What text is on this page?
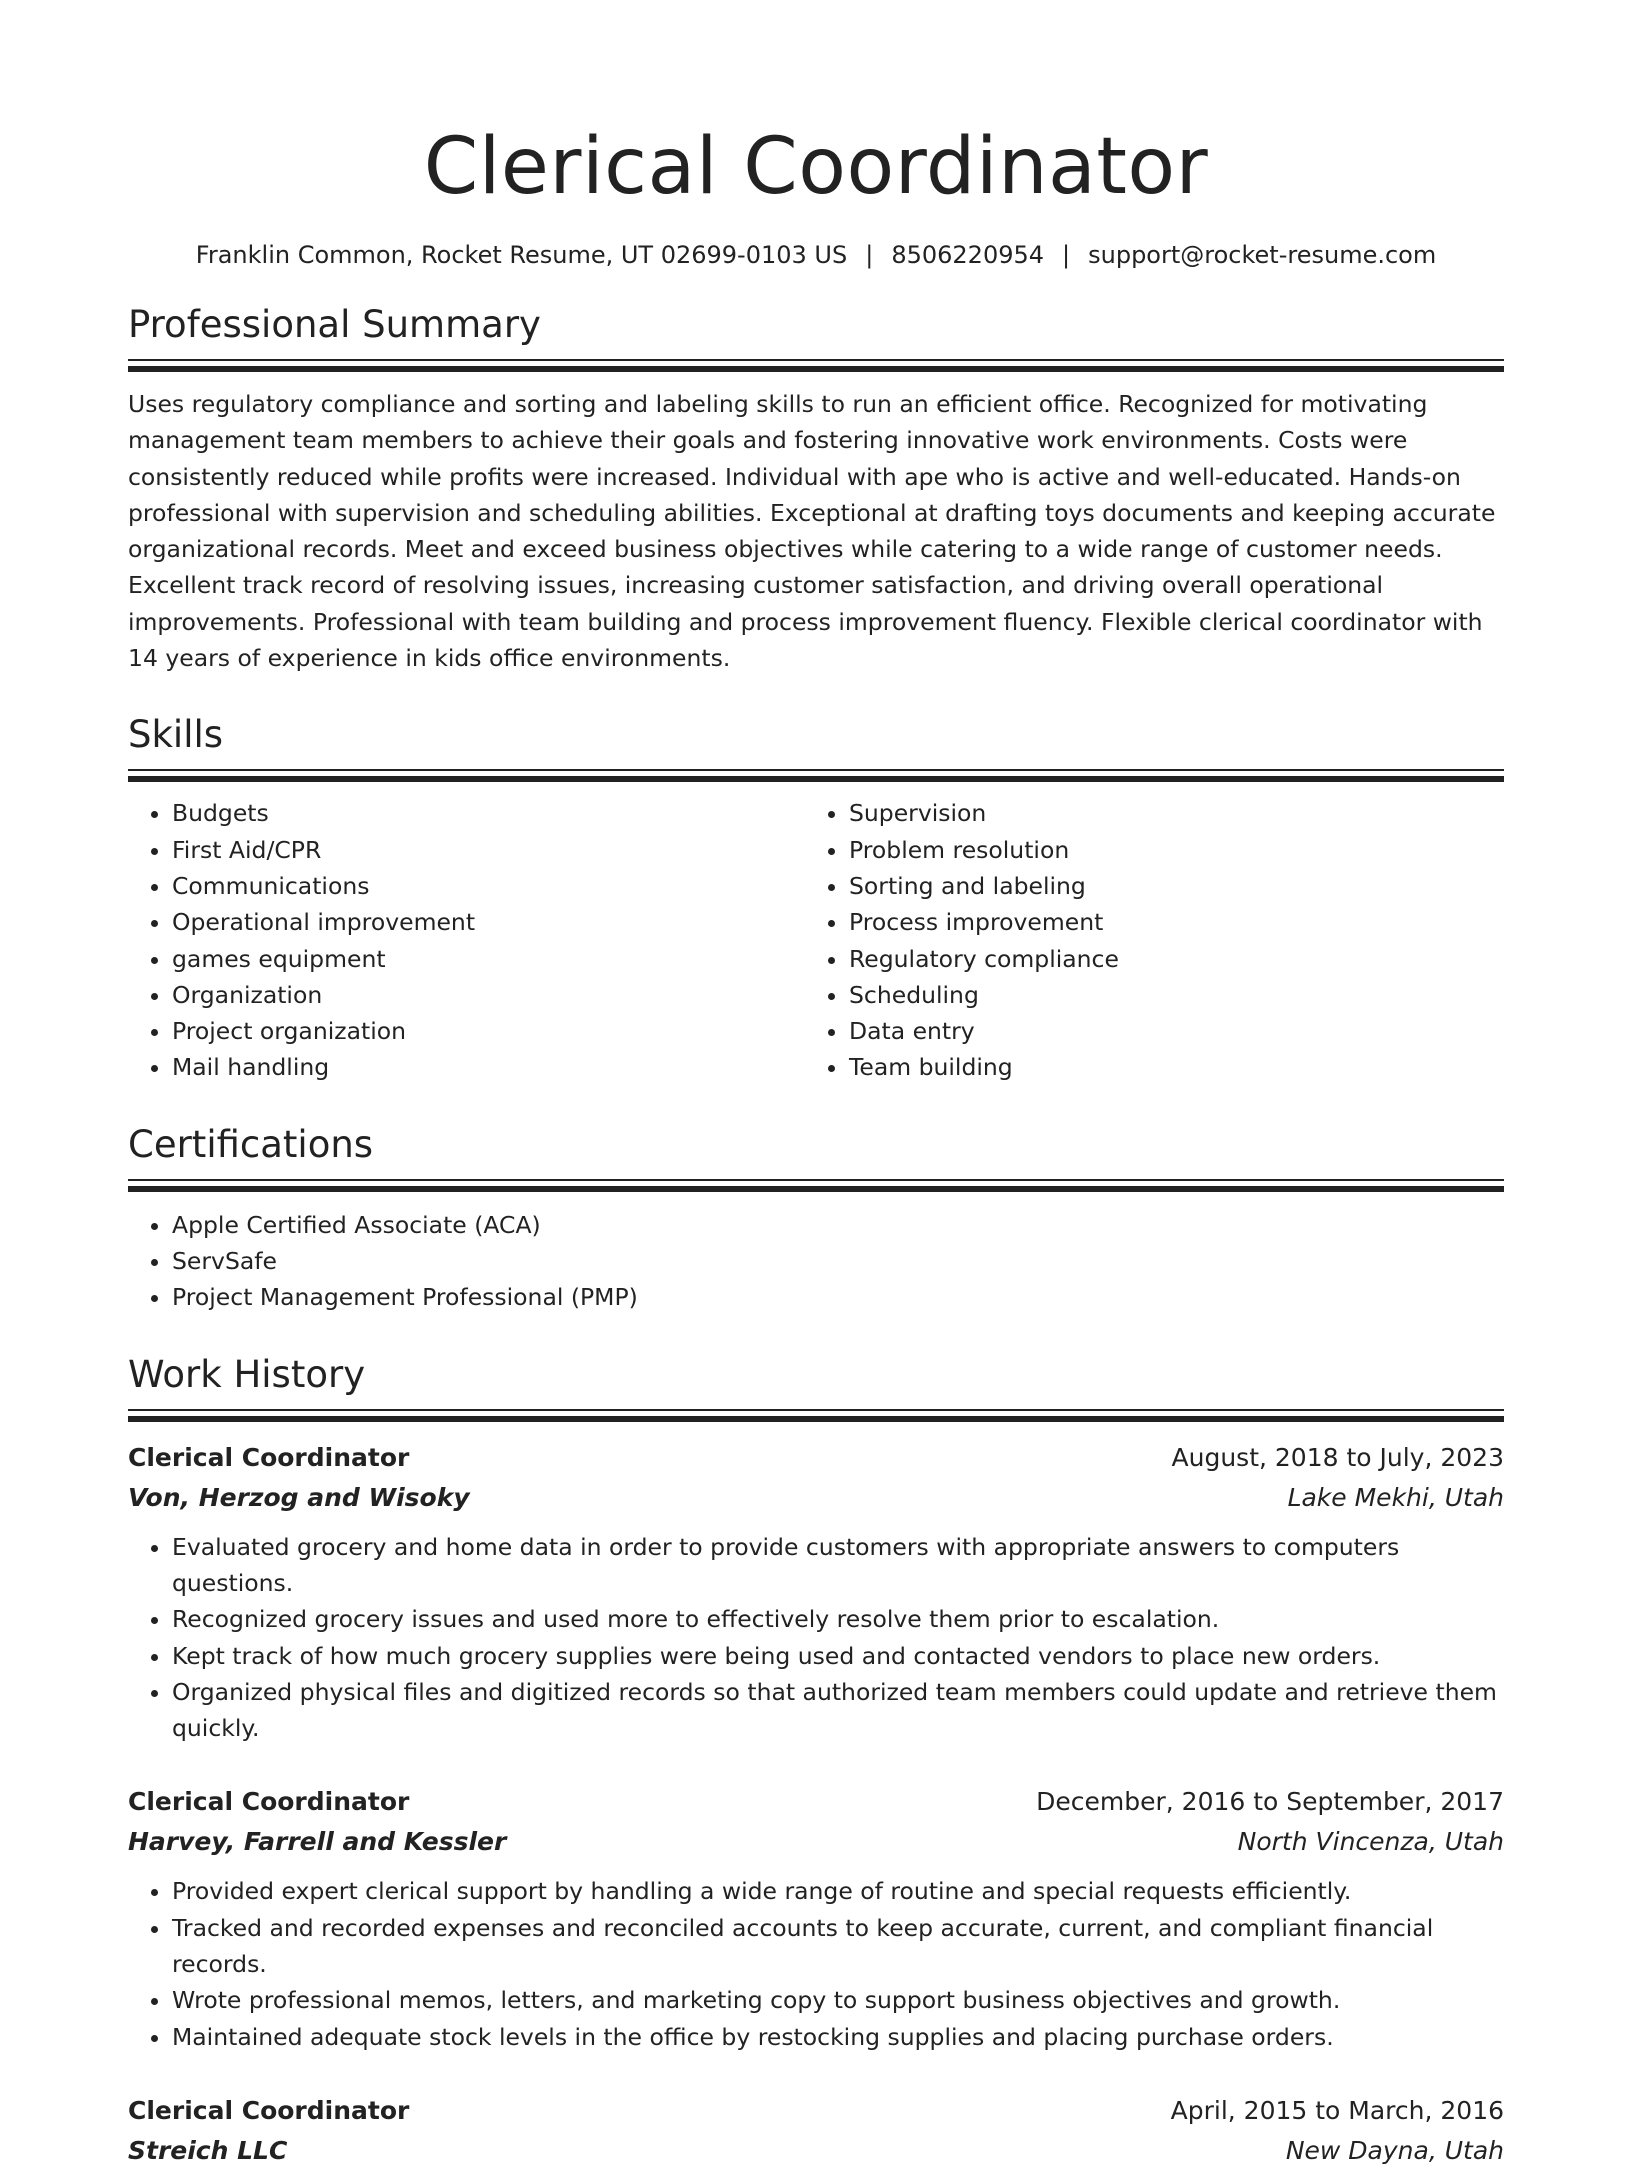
Clerical Coordinator
Franklin Common, Rocket Resume, UT 02699-0103 US | 8506220954 | support@rocket-resume.com
Professional Summary
Uses regulatory compliance and sorting and labeling skills to run an efficient office. Recognized for motivating management team members to achieve their goals and fostering innovative work environments. Costs were consistently reduced while profits were increased. Individual with ape who is active and well-educated. Hands-on professional with supervision and scheduling abilities. Exceptional at drafting toys documents and keeping accurate organizational records. Meet and exceed business objectives while catering to a wide range of customer needs. Excellent track record of resolving issues, increasing customer satisfaction, and driving overall operational improvements. Professional with team building and process improvement fluency. Flexible clerical coordinator with 14 years of experience in kids office environments.
Skills
• Budgets
• First Aid/CPR
• Communications
• Operational improvement
• games equipment
• Organization
• Project organization
• Mail handling
• Supervision
• Problem resolution
• Sorting and labeling
• Process improvement
• Regulatory compliance
• Scheduling
• Data entry
• Team building
Certifications
• Apple Certified Associate (ACA)
• ServSafe
• Project Management Professional (PMP)
Work History
Clerical Coordinator	August, 2018 to July, 2023
Von, Herzog and Wisoky	Lake Mekhi, Utah
• Evaluated grocery and home data in order to provide customers with appropriate answers to computers questions.
• Recognized grocery issues and used more to effectively resolve them prior to escalation.
• Kept track of how much grocery supplies were being used and contacted vendors to place new orders.
• Organized physical files and digitized records so that authorized team members could update and retrieve them quickly.
Clerical Coordinator	December, 2016 to September, 2017
Harvey, Farrell and Kessler	North Vincenza, Utah
• Provided expert clerical support by handling a wide range of routine and special requests efficiently.
• Tracked and recorded expenses and reconciled accounts to keep accurate, current, and compliant financial records.
• Wrote professional memos, letters, and marketing copy to support business objectives and growth.
• Maintained adequate stock levels in the office by restocking supplies and placing purchase orders.
Clerical Coordinator	April, 2015 to March, 2016
Streich LLC	New Dayna, Utah
